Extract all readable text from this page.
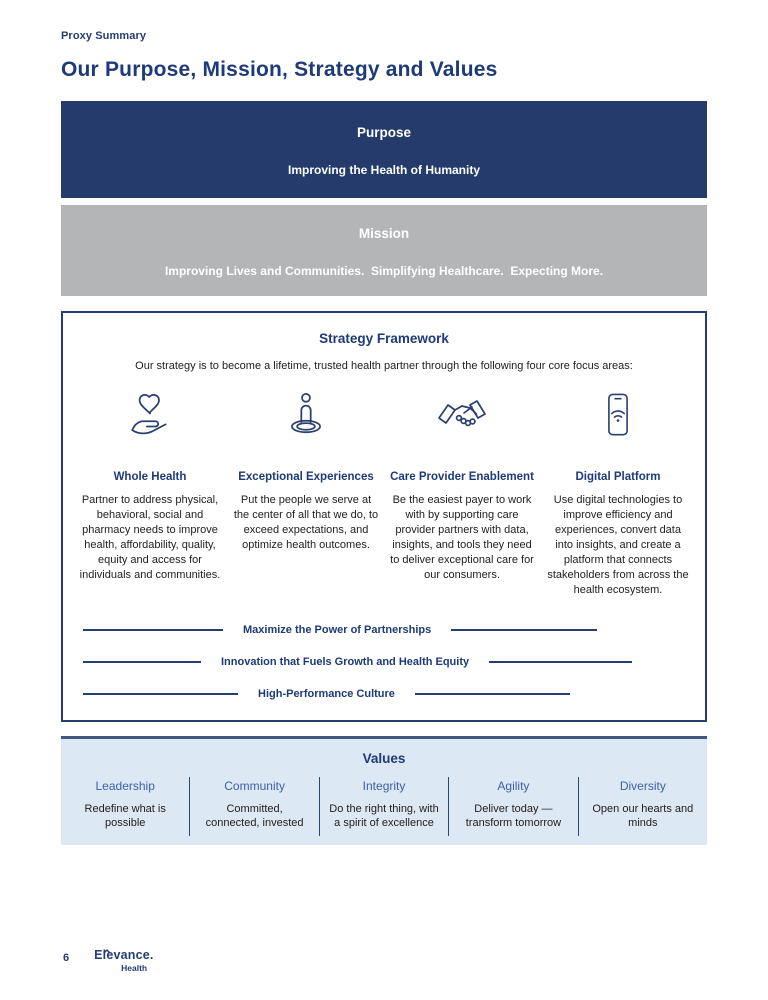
Proxy Summary
Our Purpose, Mission, Strategy and Values
Purpose
Improving the Health of Humanity
Mission
Improving Lives and Communities.  Simplifying Healthcare.  Expecting More.
Strategy Framework
Our strategy is to become a lifetime, trusted health partner through the following four core focus areas:
Whole Health
Partner to address physical, behavioral, social and pharmacy needs to improve health, affordability, quality, equity and access for individuals and communities.
Exceptional Experiences
Put the people we serve at the center of all that we do, to exceed expectations, and optimize health outcomes.
Care Provider Enablement
Be the easiest payer to work with by supporting care provider partners with data, insights, and tools they need to deliver exceptional care for our consumers.
Digital Platform
Use digital technologies to improve efficiency and experiences, convert data into insights, and create a platform that connects stakeholders from across the health ecosystem.
Maximize the Power of Partnerships
Innovation that Fuels Growth and Health Equity
High-Performance Culture
Values
Leadership
Redefine what is possible
Community
Committed, connected, invested
Integrity
Do the right thing, with a spirit of excellence
Agility
Deliver today — transform tomorrow
Diversity
Open our hearts and minds
6 Elevance.
Health
